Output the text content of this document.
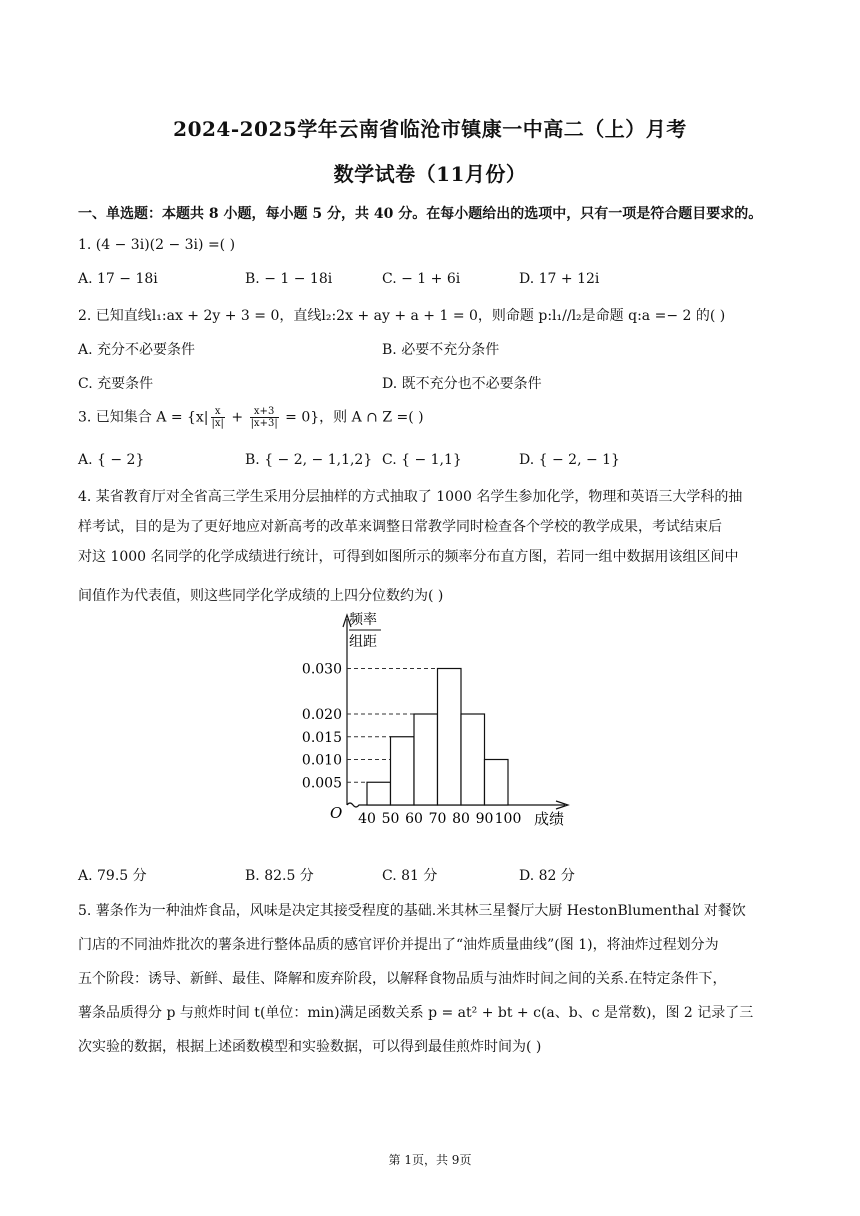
2024-2025学年云南省临沧市镇康一中高二（上）月考
数学试卷（11月份）
一、单选题：本题共 8 小题，每小题 5 分，共 40 分。在每小题给出的选项中，只有一项是符合题目要求的。
1. (4 − 3i)(2 − 3i) =( )
A. 17 − 18i	B. − 1 − 18i	C. − 1 + 6i	D. 17 + 12i
2. 已知直线l₁:ax + 2y + 3 = 0，直线l₂:2x + ay + a + 1 = 0，则命题 p:l₁//l₂是命题 q:a =− 2 的( )
A. 充分不必要条件	B. 必要不充分条件
C. 充要条件	D. 既不充分也不必要条件
3. 已知集合 $A = \{x| \frac{x}{|x|} + \frac{x+3}{|x+3|} = 0\}$，则 A ∩ Z =( )
A. { − 2}	B. { − 2, − 1,1,2} C. { − 1,1}	D. { − 2, − 1}
4. 某省教育厅对全省高三学生采用分层抽样的方式抽取了 1000 名学生参加化学，物理和英语三大学科的抽
样考试，目的是为了更好地应对新高考的改革来调整日常教学同时检查各个学校的教学成果，考试结束后
对这 1000 名同学的化学成绩进行统计，可得到如图所示的频率分布直方图，若同一组中数据用该组区间中
间值作为代表值，则这些同学化学成绩的上四分位数约为( )
频率
组距
O
0.005
0.010
0.015
0.020
0.030
40 50 60 70 80 90 100 成绩
A. 79.5 分	B. 82.5 分	C. 81 分	D. 82 分
5. 薯条作为一种油炸食品，风味是决定其接受程度的基础.米其林三星餐厅大厨 HestonBlumenthal 对餐饮
门店的不同油炸批次的薯条进行整体品质的感官评价并提出了“油炸质量曲线”(图 1)，将油炸过程划分为
五个阶段：诱导、新鲜、最佳、降解和废弃阶段，以解释食物品质与油炸时间之间的关系.在特定条件下，
薯条品质得分 p 与煎炸时间 t(单位：min)满足函数关系 p = at² + bt + c(a、b、c 是常数)，图 2 记录了三
次实验的数据，根据上述函数模型和实验数据，可以得到最佳煎炸时间为( )
第 1页，共 9页
